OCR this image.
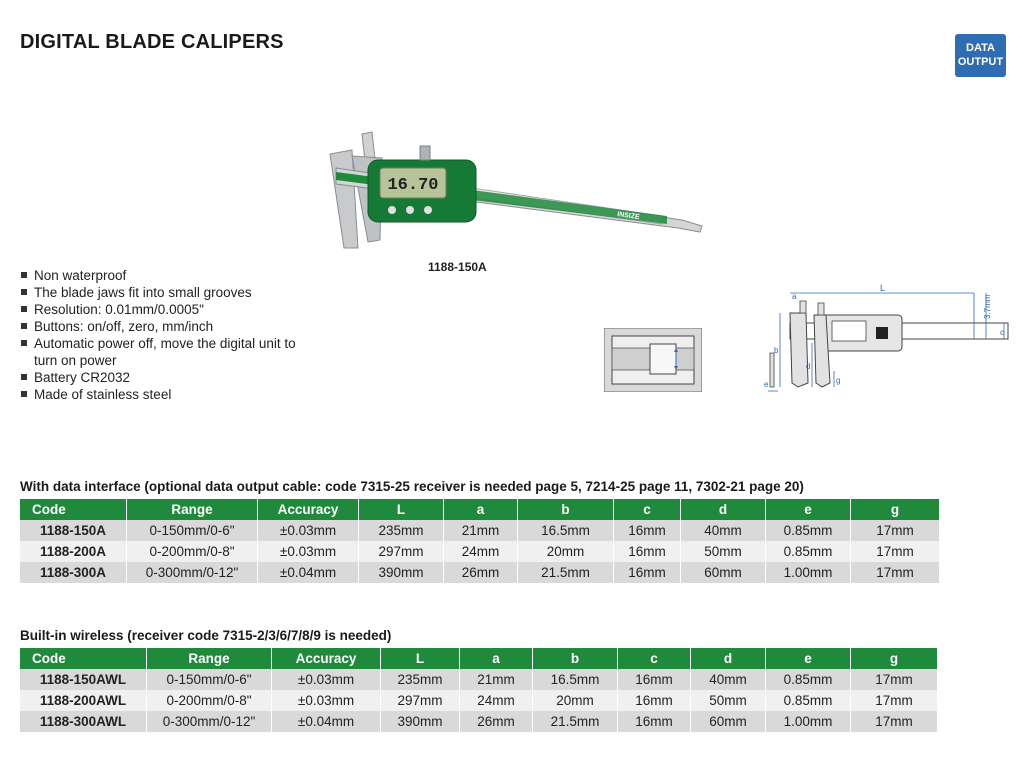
DIGITAL BLADE CALIPERS	DATA
OUTPUT
16.70
INSIZE
1188-150A
Non waterproof
The blade jaws fit into small grooves
Resolution: 0.01mm/0.0005"
Buttons: on/off, zero, mm/inch
Automatic power off, move the digital unit to turn on power
Battery CR2032
Made of stainless steel
L
a
b
c
d
e	g
3.7mm
With data interface (optional data output cable: code 7315-25 receiver is needed page 5, 7214-25 page 11, 7302-21 page 20)
Code	Range	Accuracy	L	a	b	c	d	e	g
1188-150A	0-150mm/0-6"	±0.03mm	235mm	21mm	16.5mm	16mm	40mm	0.85mm	17mm
1188-200A	0-200mm/0-8"	±0.03mm	297mm	24mm	20mm	16mm	50mm	0.85mm	17mm
1188-300A	0-300mm/0-12"	±0.04mm	390mm	26mm	21.5mm	16mm	60mm	1.00mm	17mm
Built-in wireless (receiver code 7315-2/3/6/7/8/9 is needed)
Code	Range	Accuracy	L	a	b	c	d	e	g
1188-150AWL	0-150mm/0-6"	±0.03mm	235mm	21mm	16.5mm	16mm	40mm	0.85mm	17mm
1188-200AWL	0-200mm/0-8"	±0.03mm	297mm	24mm	20mm	16mm	50mm	0.85mm	17mm
1188-300AWL	0-300mm/0-12"	±0.04mm	390mm	26mm	21.5mm	16mm	60mm	1.00mm	17mm
